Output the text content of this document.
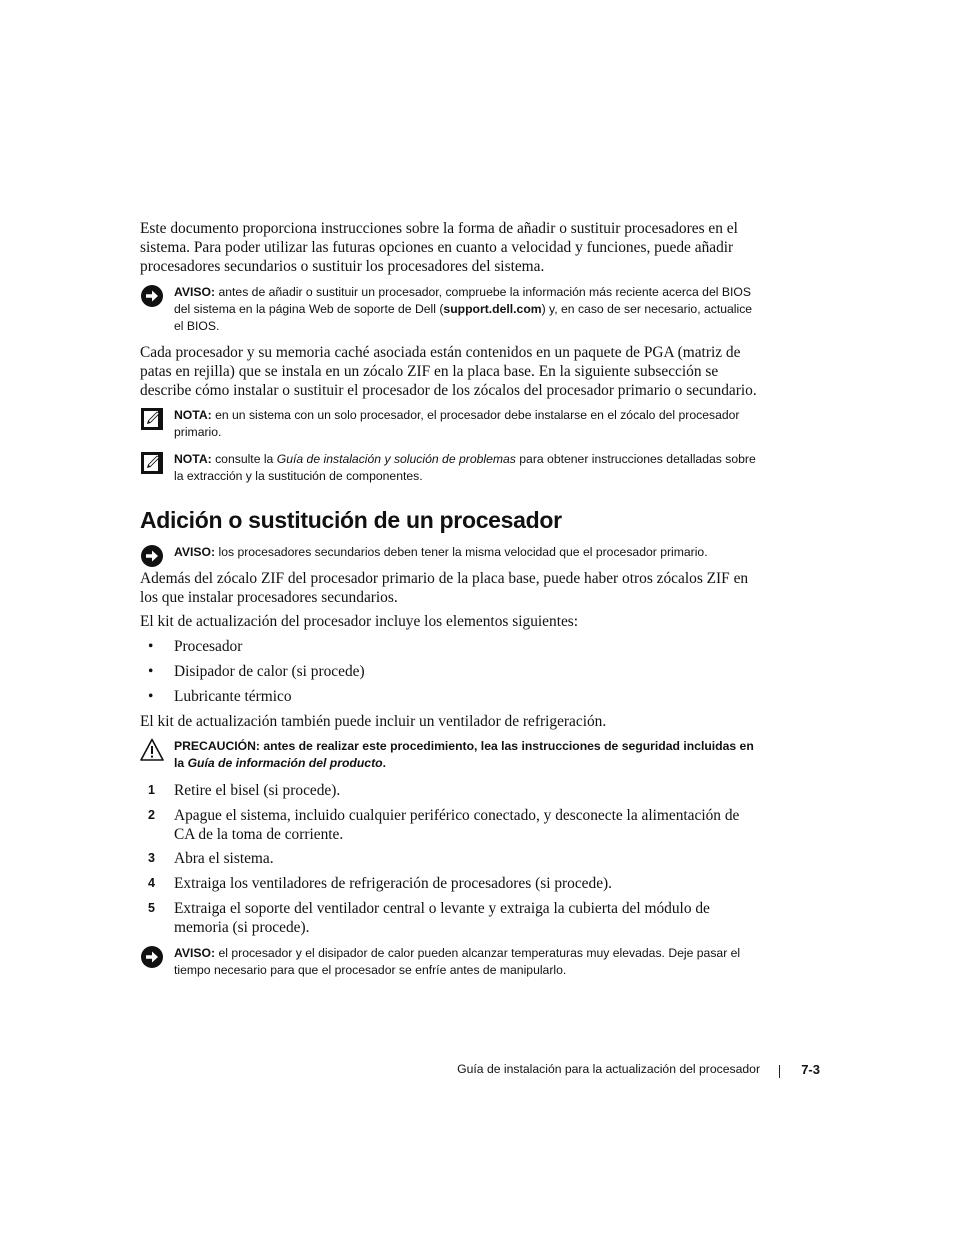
Este documento proporciona instrucciones sobre la forma de añadir o sustituir procesadores en el sistema. Para poder utilizar las futuras opciones en cuanto a velocidad y funciones, puede añadir procesadores secundarios o sustituir los procesadores del sistema.

AVISO: antes de añadir o sustituir un procesador, compruebe la información más reciente acerca del BIOS del sistema en la página Web de soporte de Dell (support.dell.com) y, en caso de ser necesario, actualice el BIOS.

Cada procesador y su memoria caché asociada están contenidos en un paquete de PGA (matriz de patas en rejilla) que se instala en un zócalo ZIF en la placa base. En la siguiente subsección se describe cómo instalar o sustituir el procesador de los zócalos del procesador primario o secundario.

NOTA: en un sistema con un solo procesador, el procesador debe instalarse en el zócalo del procesador primario.
NOTA: consulte la Guía de instalación y solución de problemas para obtener instrucciones detalladas sobre la extracción y la sustitución de componentes.
Adición o sustitución de un procesador
AVISO: los procesadores secundarios deben tener la misma velocidad que el procesador primario.

Además del zócalo ZIF del procesador primario de la placa base, puede haber otros zócalos ZIF en los que instalar procesadores secundarios.

El kit de actualización del procesador incluye los elementos siguientes:

•	Procesador
•	Disipador de calor (si procede)
•	Lubricante térmico

El kit de actualización también puede incluir un ventilador de refrigeración.

PRECAUCIÓN: antes de realizar este procedimiento, lea las instrucciones de seguridad incluidas en la Guía de información del producto.
1	Retire el bisel (si procede).
2	Apague el sistema, incluido cualquier periférico conectado, y desconecte la alimentación de CA de la toma de corriente.
3	Abra el sistema.
4	Extraiga los ventiladores de refrigeración de procesadores (si procede).
5	Extraiga el soporte del ventilador central o levante y extraiga la cubierta del módulo de memoria (si procede).
AVISO: el procesador y el disipador de calor pueden alcanzar temperaturas muy elevadas. Deje pasar el tiempo necesario para que el procesador se enfríe antes de manipularlo.
Guía de instalación para la actualización del procesador	7-3
